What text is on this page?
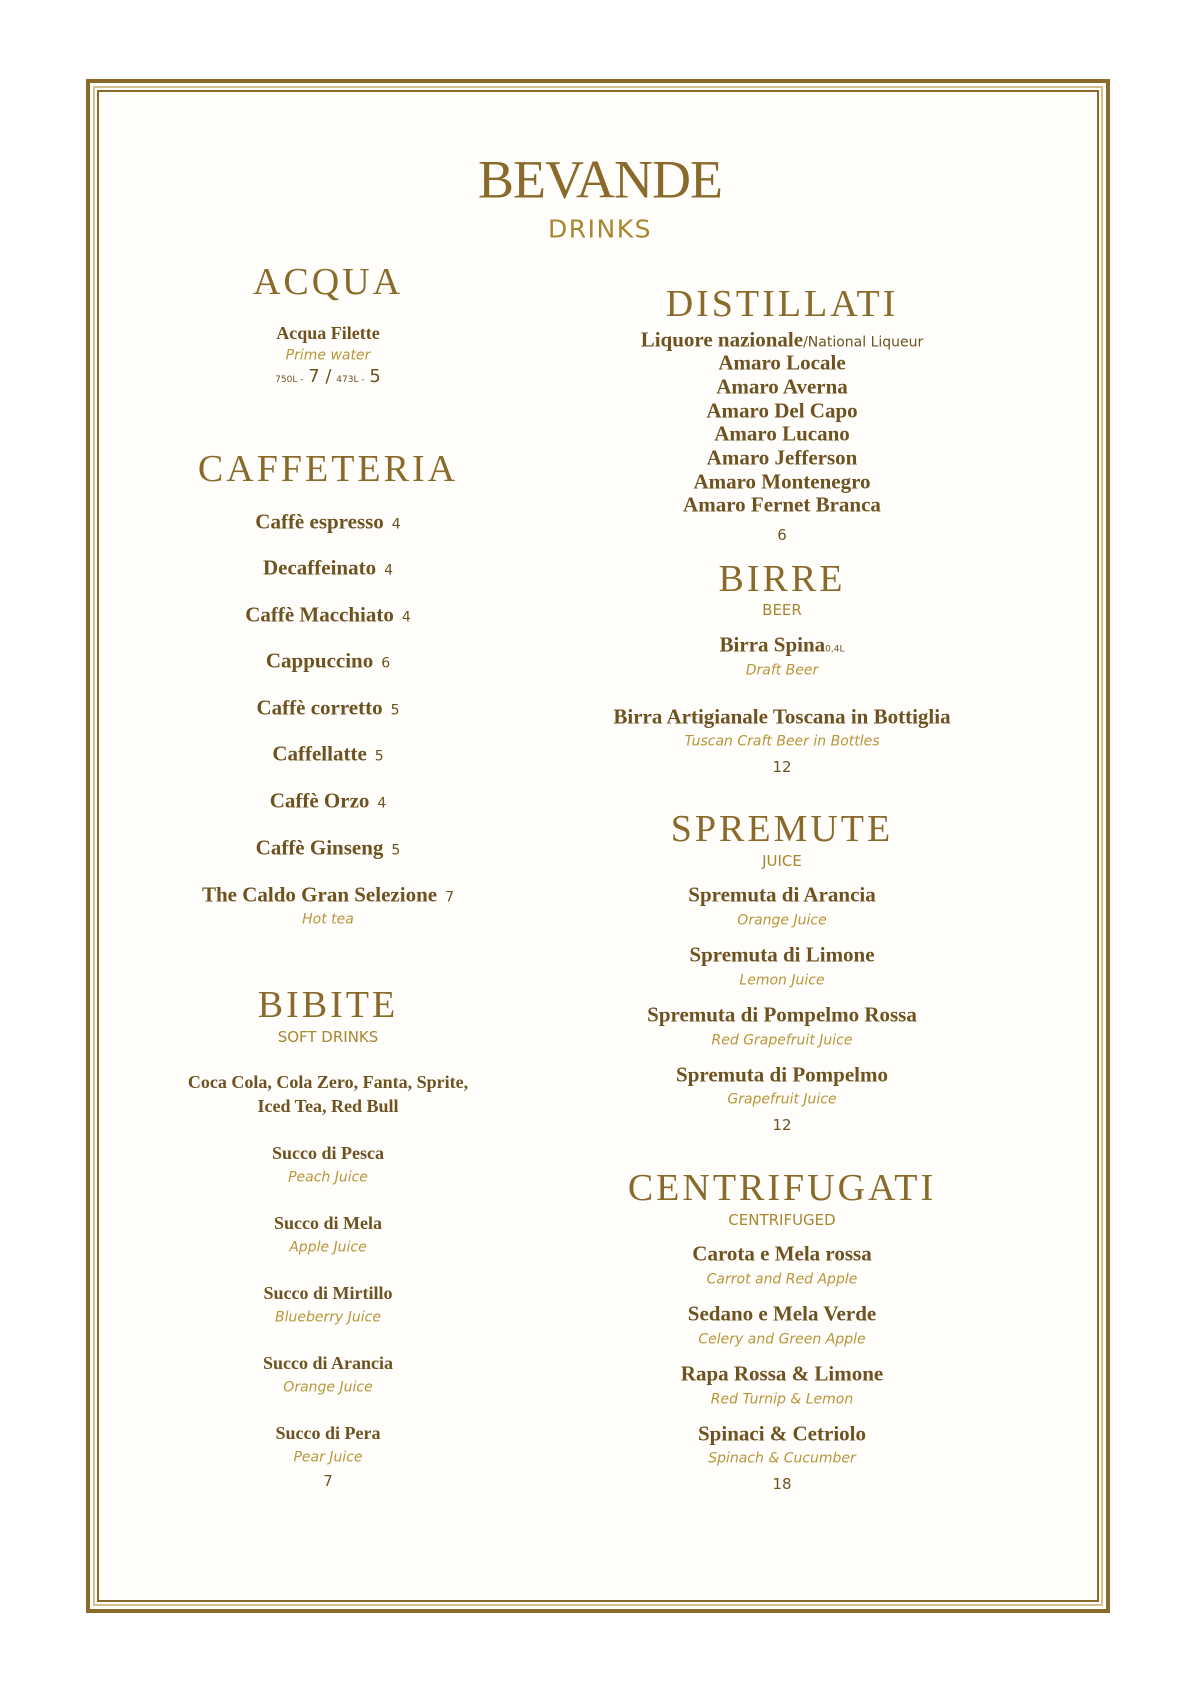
BEVANDE
DRINKS
ACQUA
Acqua Filette
Prime water
750L - 7 / 473L - 5
CAFFETERIA
Caffè espresso 4
Decaffeinato 4
Caffè Macchiato 4
Cappuccino 6
Caffè corretto 5
Caffellatte 5
Caffè Orzo 4
Caffè Ginseng 5
The Caldo Gran Selezione 7
Hot tea
BIBITE
SOFT DRINKS
Coca Cola, Cola Zero, Fanta, Sprite,
Iced Tea, Red Bull
Succo di Pesca
Peach Juice
Succo di Mela
Apple Juice
Succo di Mirtillo
Blueberry Juice
Succo di Arancia
Orange Juice
Succo di Pera
Pear Juice
7
DISTILLATI
Liquore nazionale/National Liqueur
Amaro Locale
Amaro Averna
Amaro Del Capo
Amaro Lucano
Amaro Jefferson
Amaro Montenegro
Amaro Fernet Branca
6
BIRRE
BEER
Birra Spina0,4L
Draft Beer
Birra Artigianale Toscana in Bottiglia
Tuscan Craft Beer in Bottles
12
SPREMUTE
JUICE
Spremuta di Arancia
Orange Juice
Spremuta di Limone
Lemon Juice
Spremuta di Pompelmo Rossa
Red Grapefruit Juice
Spremuta di Pompelmo
Grapefruit Juice
12
CENTRIFUGATI
CENTRIFUGED
Carota e Mela rossa
Carrot and Red Apple
Sedano e Mela Verde
Celery and Green Apple
Rapa Rossa & Limone
Red Turnip & Lemon
Spinaci & Cetriolo
Spinach & Cucumber
18
